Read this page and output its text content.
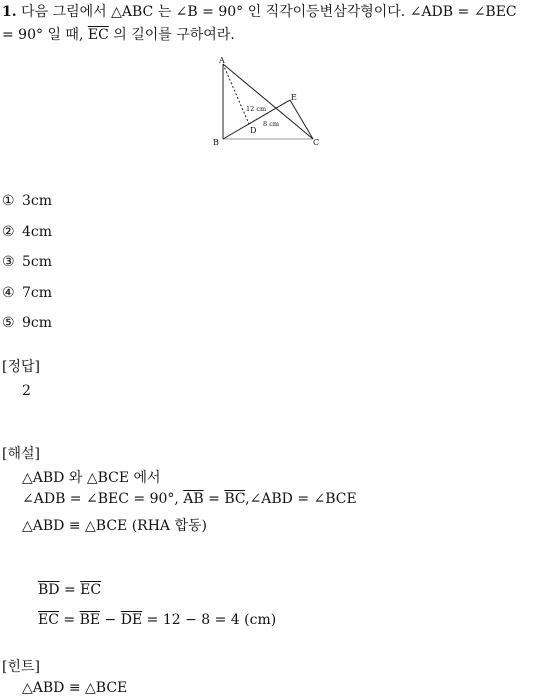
1. 다음 그림에서 △ABC 는 ∠B = 90° 인 직각이등변삼각형이다. ∠ADB = ∠BEC = 90° 일 때, $\overline{EC}$ 의 길이를 구하여라.
A
B	C
D
E
12 cm
8 cm
① 3cm
② 4cm
③ 5cm
④ 7cm
⑤ 9cm
[정답]
2
[해설]
△ABD 와 △BCE 에서
∠ADB = ∠BEC = 90°, $\overline{AB}$ = $\overline{BC},\angle ABD$ = ∠BCE
△ABD ≡ △BCE (RHA 합동)
$\overline{BD} = \overline{EC}$
$\overline{EC} = \overline{BE} - \overline{DE} = 12 - 8 = 4$ (cm)
[힌트]
△ABD ≡ △BCE
